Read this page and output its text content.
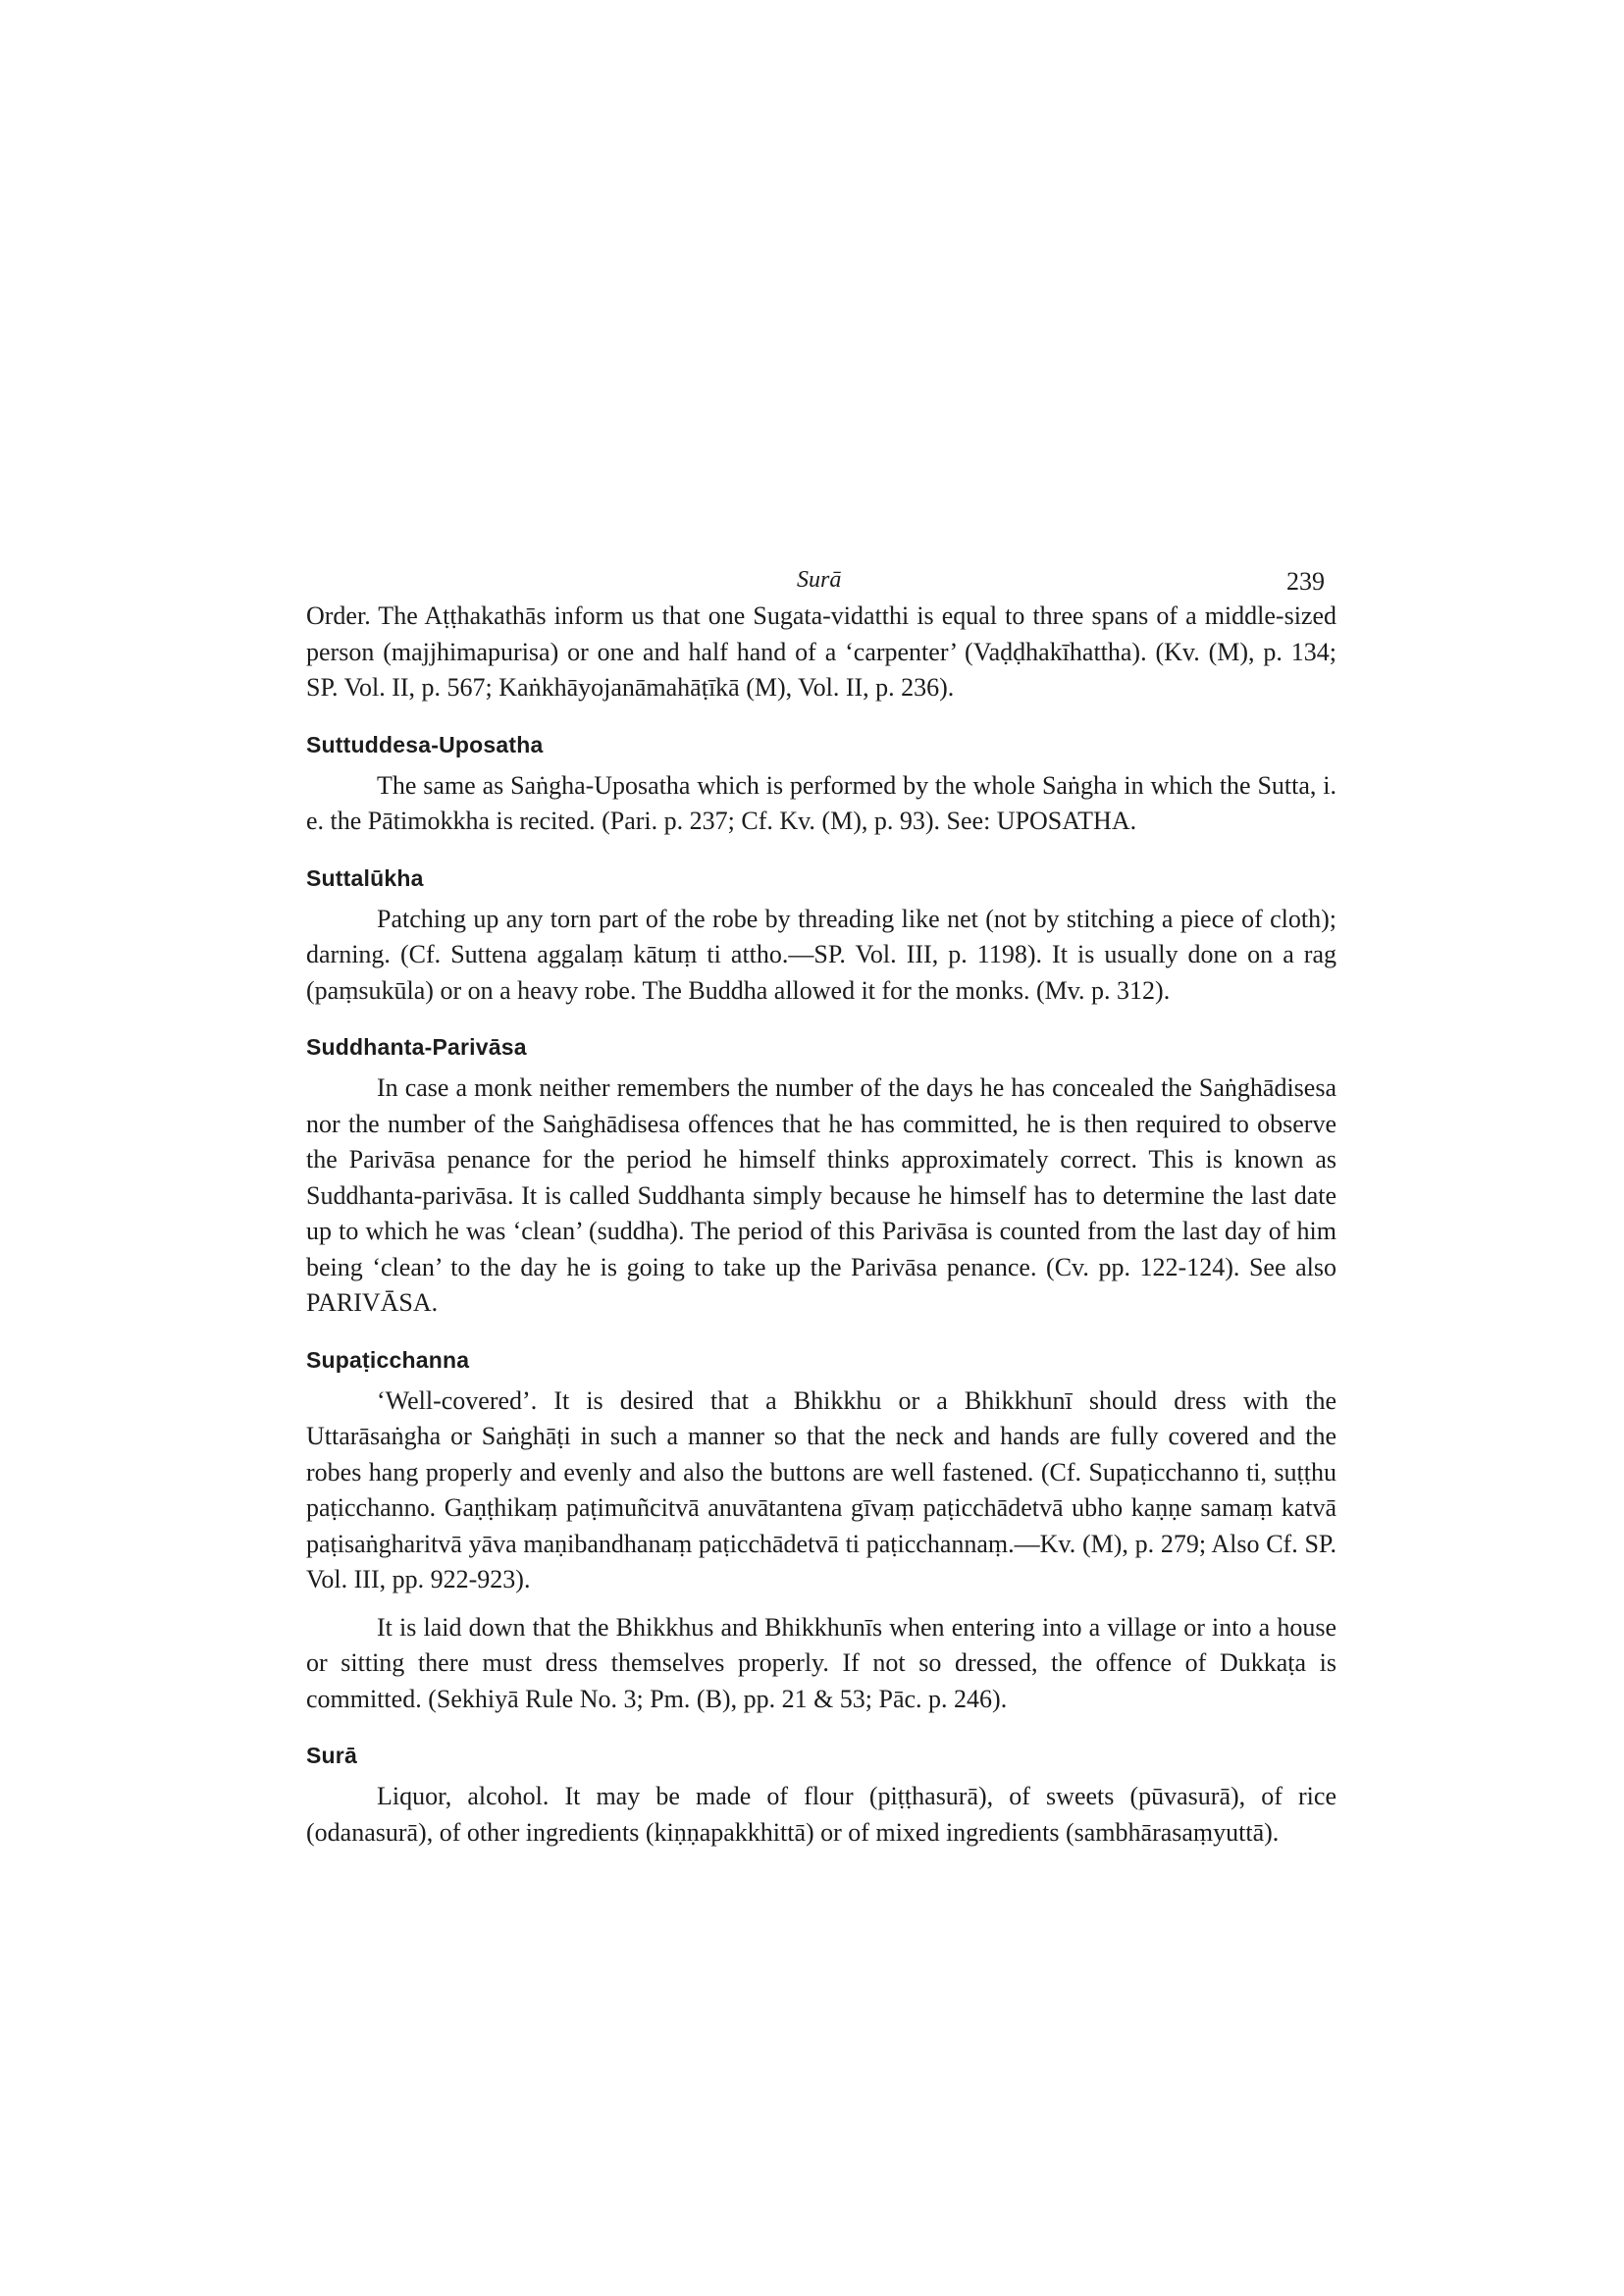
Surā	239

Order. The Aṭṭhakathās inform us that one Sugata-vidatthi is equal to three spans of a middle-sized person (majjhimapurisa) or one and half hand of a ‘carpenter’ (Vaḍḍhakīhattha). (Kv. (M), p. 134; SP. Vol. II, p. 567; Kaṅkhāyojanāmahāṭīkā (M), Vol. II, p. 236).

Suttuddesa-Uposatha

The same as Saṅgha-Uposatha which is performed by the whole Saṅgha in which the Sutta, i. e. the Pātimokkha is recited. (Pari. p. 237; Cf. Kv. (M), p. 93). See: UPOSATHA.

Suttalūkha

Patching up any torn part of the robe by threading like net (not by stitching a piece of cloth); darning. (Cf. Suttena aggalaṃ kātuṃ ti attho.—SP. Vol. III, p. 1198). It is usually done on a rag (paṃsukūla) or on a heavy robe. The Buddha allowed it for the monks. (Mv. p. 312).

Suddhanta-Parivāsa

In case a monk neither remembers the number of the days he has concealed the Saṅghādisesa nor the number of the Saṅghādisesa offences that he has committed, he is then required to observe the Parivāsa penance for the period he himself thinks approximately correct. This is known as Suddhanta-parivāsa. It is called Suddhanta simply because he himself has to determine the last date up to which he was ‘clean’ (suddha). The period of this Parivāsa is counted from the last day of him being ‘clean’ to the day he is going to take up the Parivāsa penance. (Cv. pp. 122-124). See also PARIVĀSA.

Supaṭicchanna

‘Well-covered’. It is desired that a Bhikkhu or a Bhikkhunī should dress with the Uttarāsaṅgha or Saṅghāṭi in such a manner so that the neck and hands are fully covered and the robes hang properly and evenly and also the buttons are well fastened. (Cf. Supaṭicchanno ti, suṭṭhu paṭicchanno. Gaṇṭhikaṃ paṭimuñcitvā anuvātantena gīvaṃ paṭicchādetvā ubho kaṇṇe samaṃ katvā paṭisaṅgharitvā yāva maṇibandhanaṃ paṭicchādetvā ti paṭicchannaṃ.—Kv. (M), p. 279; Also Cf. SP. Vol. III, pp. 922-923).

It is laid down that the Bhikkhus and Bhikkhunīs when entering into a village or into a house or sitting there must dress themselves properly. If not so dressed, the offence of Dukkaṭa is committed. (Sekhiyā Rule No. 3; Pm. (B), pp. 21 & 53; Pāc. p. 246).

Surā

Liquor, alcohol. It may be made of flour (piṭṭhasurā), of sweets (pūvasurā), of rice (odanasurā), of other ingredients (kiṇṇapakkhittā) or of mixed ingredients (sambhārasaṃyuttā).
